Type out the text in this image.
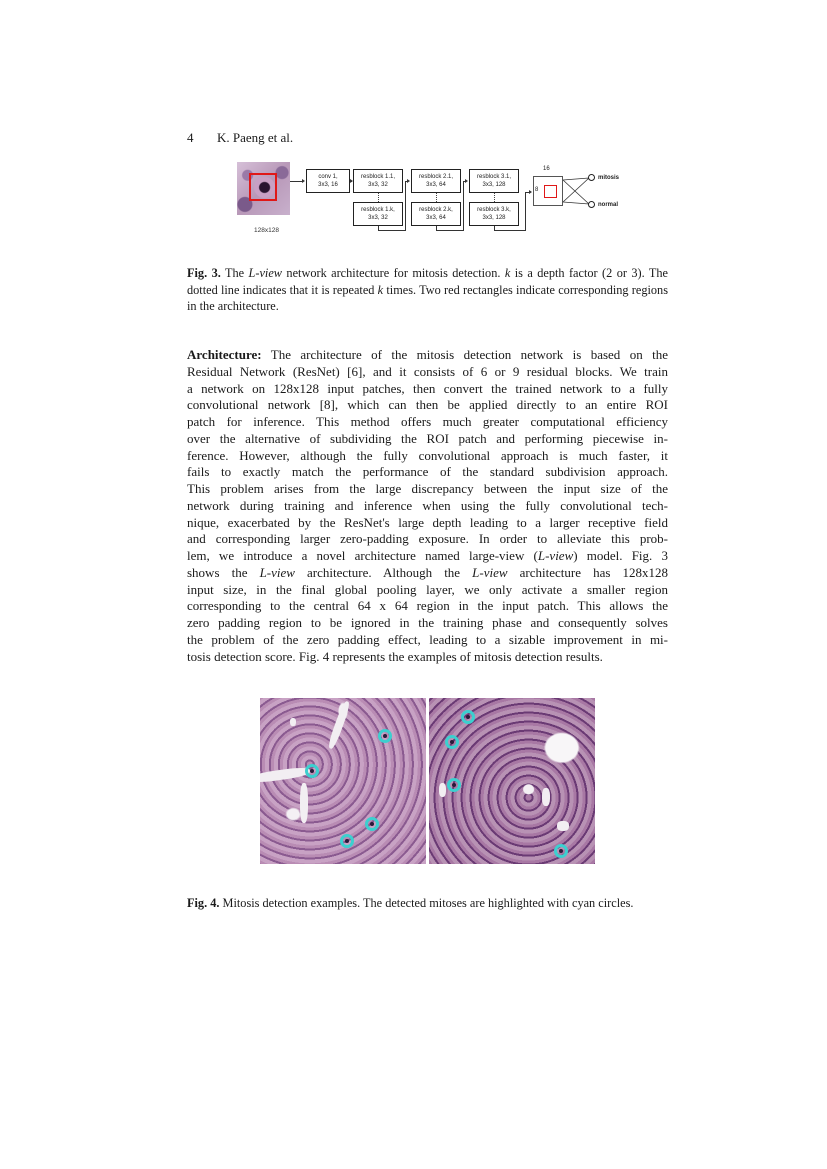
4 K. Paeng et al.
128x128
conv 1,
3x3, 16
resblock 1.1,
3x3, 32
resblock 1.k,
3x3, 32
resblock 2.1,
3x3, 64
resblock 2.k,
3x3, 64
resblock 3.1,
3x3, 128
resblock 3.k,
3x3, 128
16
8
mitosis
normal
Fig. 3. The L-view network architecture for mitosis detection. k is a depth factor (2 or 3). The dotted line indicates that it is repeated k times. Two red rectangles indicate corresponding regions in the architecture.
Architecture: The architecture of the mitosis detection network is based on the
Residual Network (ResNet) [6], and it consists of 6 or 9 residual blocks. We train
a network on 128x128 input patches, then convert the trained network to a fully
convolutional network [8], which can then be applied directly to an entire ROI
patch for inference. This method offers much greater computational efficiency
over the alternative of subdividing the ROI patch and performing piecewise in-
ference. However, although the fully convolutional approach is much faster, it
fails to exactly match the performance of the standard subdivision approach.
This problem arises from the large discrepancy between the input size of the
network during training and inference when using the fully convolutional tech-
nique, exacerbated by the ResNet's large depth leading to a larger receptive field
and corresponding larger zero-padding exposure. In order to alleviate this prob-
lem, we introduce a novel architecture named large-view (L-view) model. Fig. 3
shows the L-view architecture. Although the L-view architecture has 128x128
input size, in the final global pooling layer, we only activate a smaller region
corresponding to the central 64 x 64 region in the input patch. This allows the
zero padding region to be ignored in the training phase and consequently solves
the problem of the zero padding effect, leading to a sizable improvement in mi-
tosis detection score. Fig. 4 represents the examples of mitosis detection results.
Fig. 4. Mitosis detection examples. The detected mitoses are highlighted with cyan circles.
